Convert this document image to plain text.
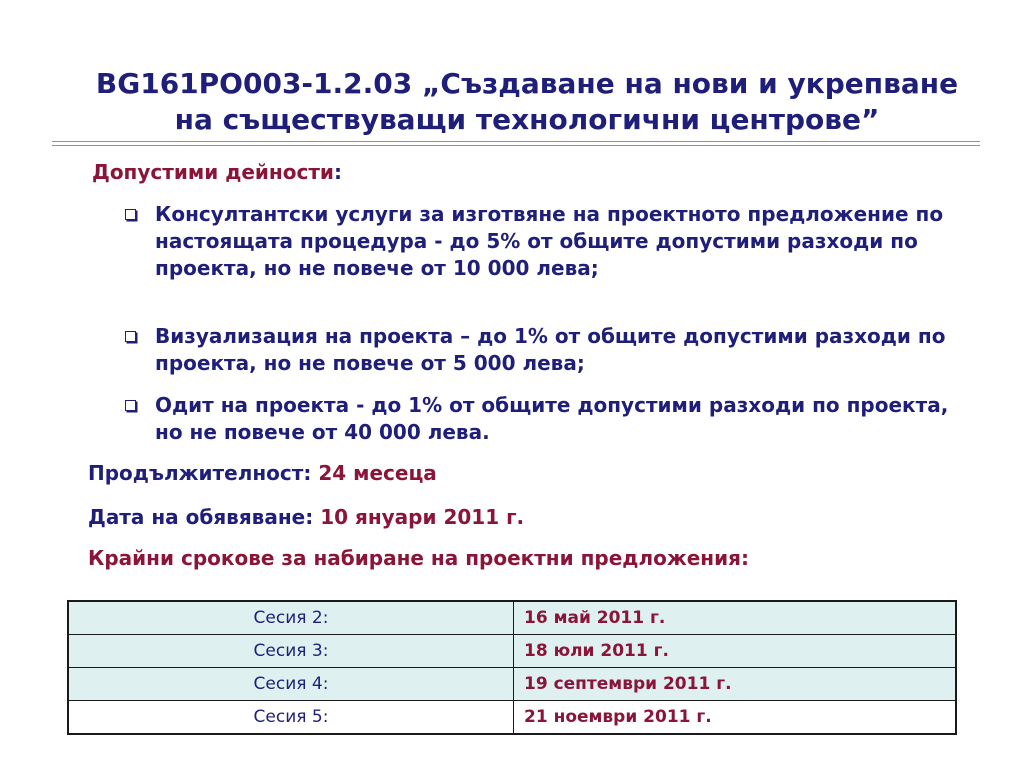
BG161PO003-1.2.03 „Създаване на нови и укрепване
на съществуващи технологични центрове”
Допустими дейности:
Консултантски услуги за изготвяне на проектното предложение по настоящата процедура - до 5% от общите допустими разходи по проекта, но не повече от 10 000 лева;
Визуализация на проекта – до 1% от общите допустими разходи по проекта, но не повече от 5 000 лева;
Одит на проекта - до 1% от общите допустими разходи по проекта, но не повече от 40 000 лева.
Продължителност: 24 месеца
Дата на обявяване: 10 януари 2011 г.
Крайни срокове за набиране на проектни предложения:
Сесия 2:	16 май 2011 г.
Сесия 3:	18 юли 2011 г.
Сесия 4:	19 септември 2011 г.
Сесия 5:	21 ноември 2011 г.
